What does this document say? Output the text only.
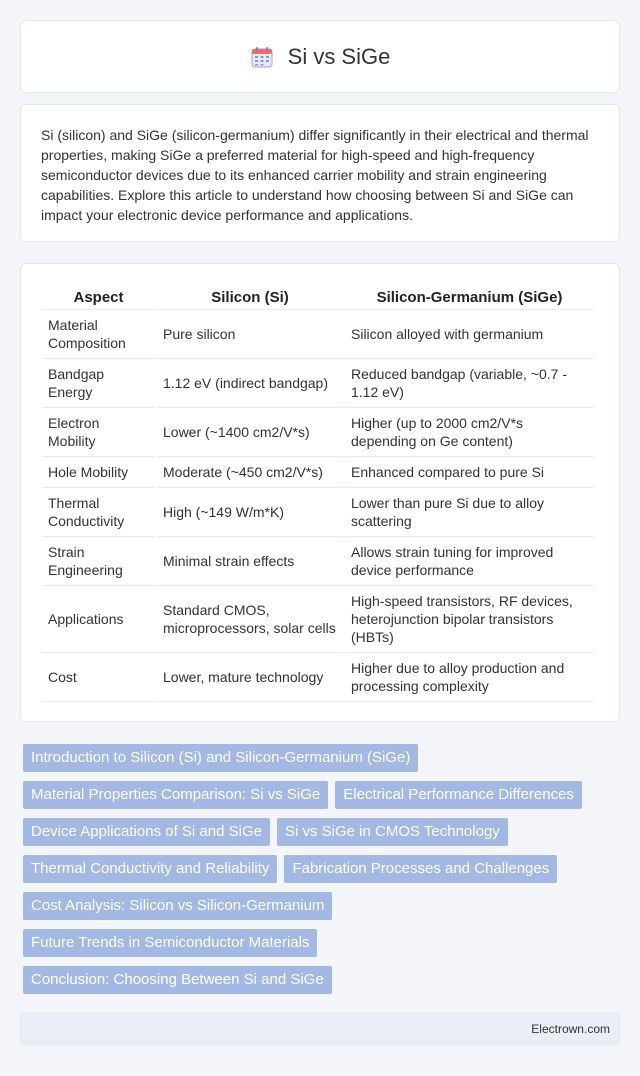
Si vs SiGe

Si (silicon) and SiGe (silicon-germanium) differ significantly in their electrical and thermal properties, making SiGe a preferred material for high-speed and high-frequency semiconductor devices due to its enhanced carrier mobility and strain engineering capabilities. Explore this article to understand how choosing between Si and SiGe can impact your electronic device performance and applications.

Aspect	Silicon (Si)	Silicon-Germanium (SiGe)
Material Composition	Pure silicon	Silicon alloyed with germanium
Bandgap Energy	1.12 eV (indirect bandgap)	Reduced bandgap (variable, ~0.7 - 1.12 eV)
Electron Mobility	Lower (~1400 cm2/V*s)	Higher (up to 2000 cm2/V*s depending on Ge content)
Hole Mobility	Moderate (~450 cm2/V*s)	Enhanced compared to pure Si
Thermal Conductivity	High (~149 W/m*K)	Lower than pure Si due to alloy scattering
Strain Engineering	Minimal strain effects	Allows strain tuning for improved device performance
Applications	Standard CMOS, microprocessors, solar cells	High-speed transistors, RF devices, heterojunction bipolar transistors (HBTs)
Cost	Lower, mature technology	Higher due to alloy production and processing complexity
Introduction to Silicon (Si) and Silicon-Germanium (SiGe)
Material Properties Comparison: Si vs SiGe	Electrical Performance Differences
Device Applications of Si and SiGe	Si vs SiGe in CMOS Technology
Thermal Conductivity and Reliability	Fabrication Processes and Challenges
Cost Analysis: Silicon vs Silicon-Germanium
Future Trends in Semiconductor Materials
Conclusion: Choosing Between Si and SiGe
Electrown.com
